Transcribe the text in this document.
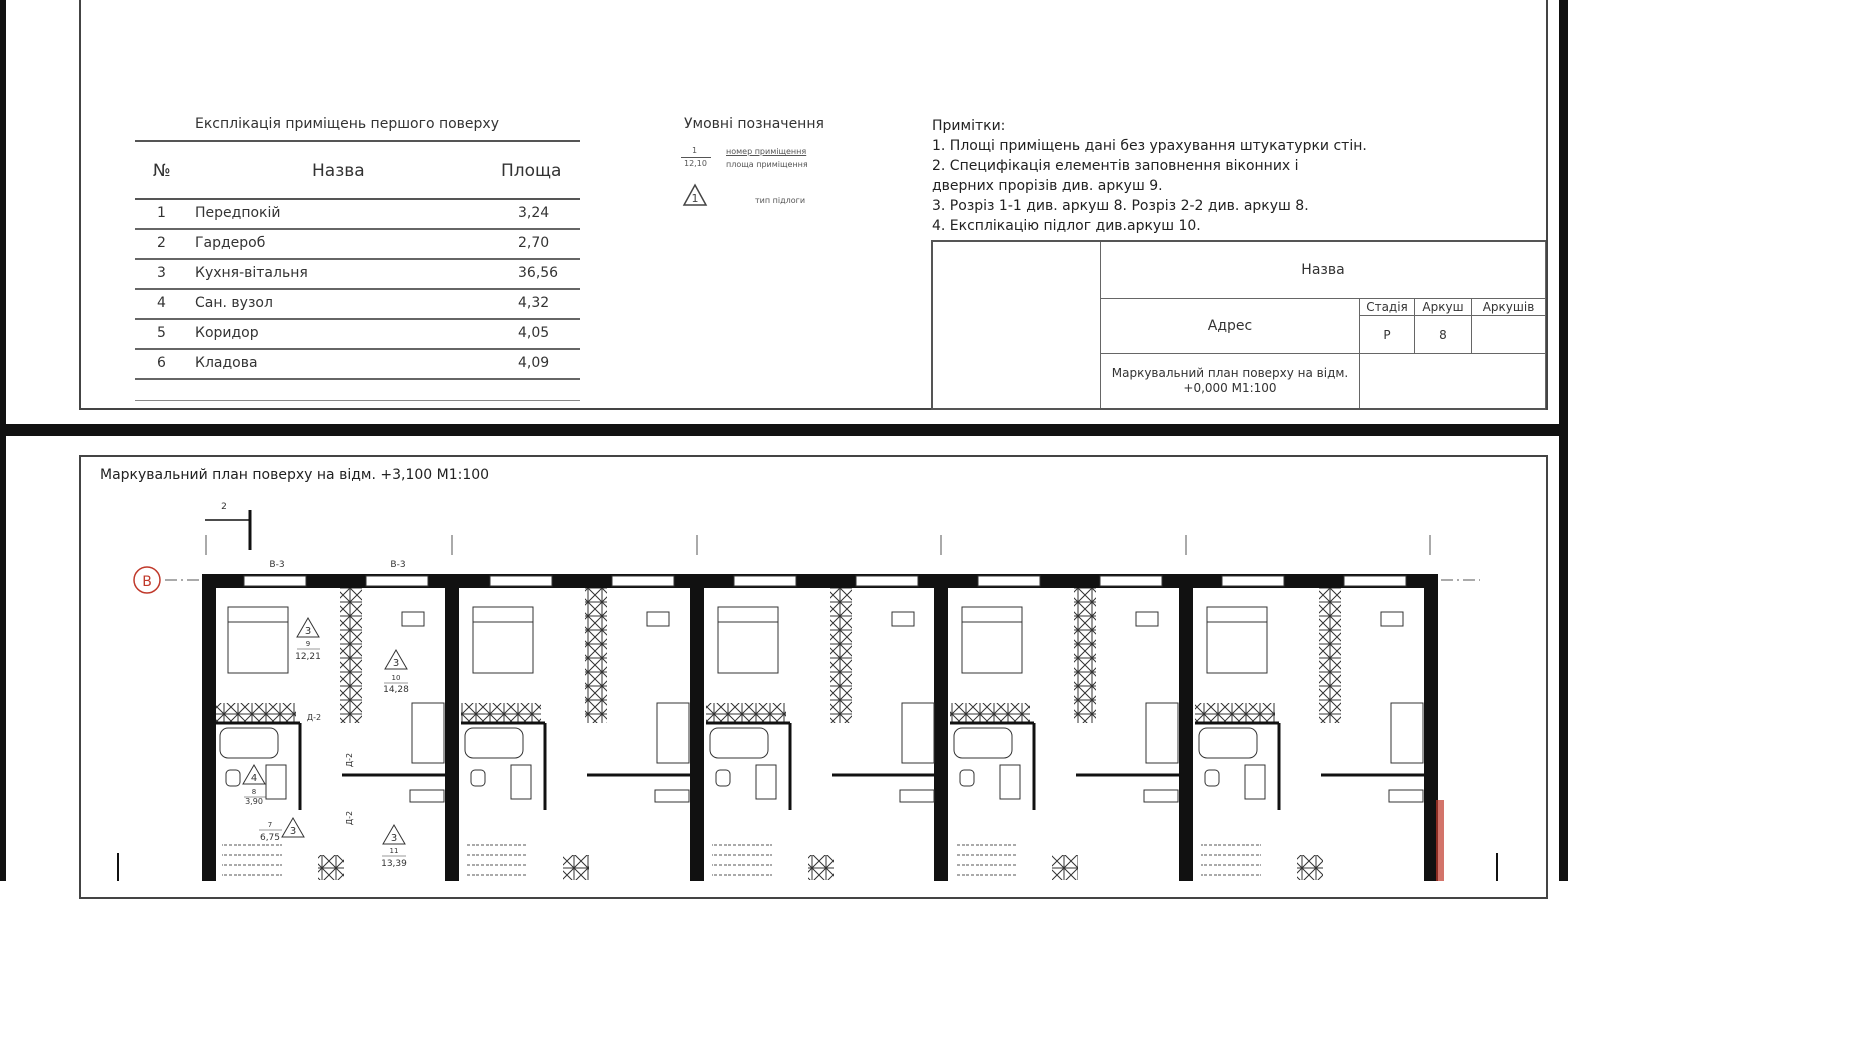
Експлікація приміщень першого поверху
№	Назва	Площа
1 Передпокій	3,24
2 Гардероб	2,70
3 Кухня-вітальня	36,56
4 Сан. вузол	4,32
5 Коридор	4,05
6 Кладова	4,09
Умовні позначення
1
12,10
номер приміщення
площа приміщення
1	тип підлоги
Примітки:
1. Площі приміщень дані без урахування штукатурки стін.
2. Специфікація елементів заповнення віконних і
дверних прорізів див. аркуш 9.
3. Розріз 1-1 див. аркуш 8. Розріз 2-2 див. аркуш 8.
4. Експлікацію підлог див.аркуш 10.
Назва
Адрес
Стадія Аркуш Аркушів
Р	8
Маркувальний план поверху на відм. +0,000 М1:100
Маркувальний план поверху на відм. +3,100 М1:100
В
2
В-3	В-3
3
9
12,21
3
10
14,28
4
8
3,90
7
6,75
3
3
11
13,39
Д-2
Д-2
Д-2
